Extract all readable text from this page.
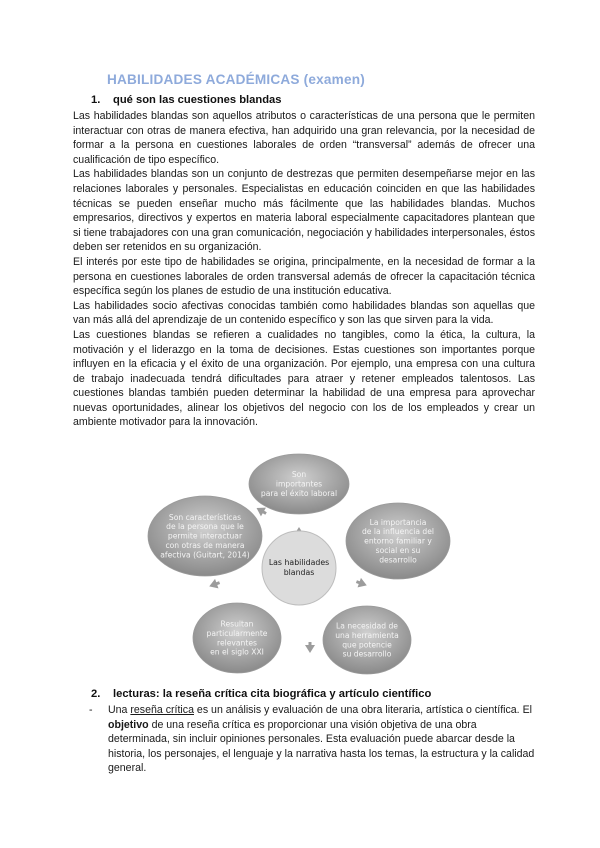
HABILIDADES ACADÉMICAS (examen)
1. qué son las cuestiones blandas

Las habilidades blandas son aquellos atributos o características de una persona que le permiten interactuar con otras de manera efectiva, han adquirido una gran relevancia, por la necesidad de formar a la persona en cuestiones laborales de orden “transversal” además de ofrecer una cualificación de tipo específico.

Las habilidades blandas son un conjunto de destrezas que permiten desempeñarse mejor en las relaciones laborales y personales. Especialistas en educación coinciden en que las habilidades técnicas se pueden enseñar mucho más fácilmente que las habilidades blandas. Muchos empresarios, directivos y expertos en materia laboral especialmente capacitadores plantean que si tiene trabajadores con una gran comunicación, negociación y habilidades interpersonales, éstos deben ser retenidos en su organización.

El interés por este tipo de habilidades se origina, principalmente, en la necesidad de formar a la persona en cuestiones laborales de orden transversal además de ofrecer la capacitación técnica específica según los planes de estudio de una institución educativa.

Las habilidades socio afectivas conocidas también como habilidades blandas son aquellas que van más allá del aprendizaje de un contenido específico y son las que sirven para la vida.

Las cuestiones blandas se refieren a cualidades no tangibles, como la ética, la cultura, la motivación y el liderazgo en la toma de decisiones. Estas cuestiones son importantes porque influyen en la eficacia y el éxito de una organización. Por ejemplo, una empresa con una cultura de trabajo inadecuada tendrá dificultades para atraer y retener empleados talentosos. Las cuestiones blandas también pueden determinar la habilidad de una empresa para aprovechar nuevas oportunidades, alinear los objetivos del negocio con los de los empleados y crear un ambiente motivador para la innovación.

Las habilidades
blandas
Son
importantes
para el éxito laboral
La importancia
de la influencia del
entorno familiar y
social en su
desarrollo
La necesidad de
una herramienta
que potencie
su desarrollo
Resultan
particularmente
relevantes
en el siglo XXI
Son características
de la persona que le
permite interactuar
con otras de manera
afectiva (Guitart, 2014)
2. lecturas: la reseña crítica cita biográfica y artículo científico
- Una reseña crítica es un análisis y evaluación de una obra literaria, artística o científica. El objetivo de una reseña crítica es proporcionar una visión objetiva de una obra determinada, sin incluir opiniones personales. Esta evaluación puede abarcar desde la historia, los personajes, el lenguaje y la narrativa hasta los temas, la estructura y la calidad general.
